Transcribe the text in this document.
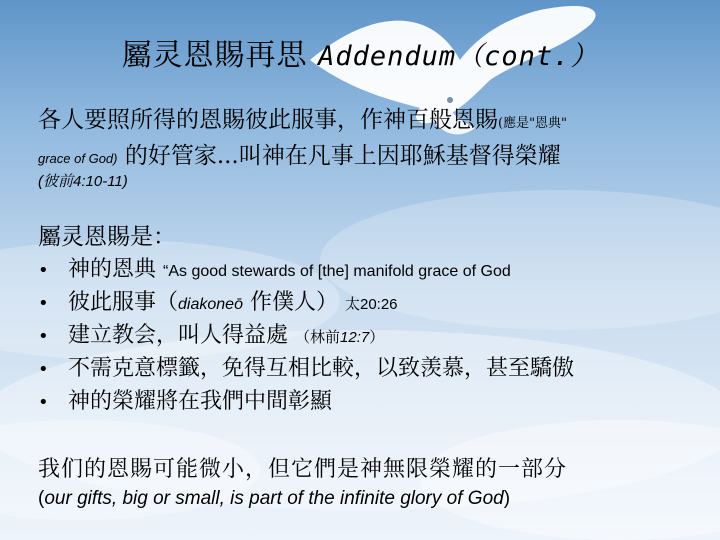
屬灵恩賜再思 Addendum（cont.）
各人要照所得的恩賜彼此服事，作神百般恩賜(應是"恩典"
grace of God) 的好管家...叫神在凡事上因耶穌基督得榮耀
(彼前4:10-11)
屬灵恩賜是：
• 神的恩典 “As good stewards of [the] manifold grace of God
• 彼此服事（diakoneō 作僕人） 太20:26
• 建立教会，叫人得益處 （林前12:7）
• 不需克意標籤，免得互相比較，以致羡慕，甚至驕傲
• 神的榮耀將在我們中間彰顯
我们的恩賜可能微小，但它們是神無限榮耀的一部分
(our gifts, big or small, is part of the infinite glory of God)
